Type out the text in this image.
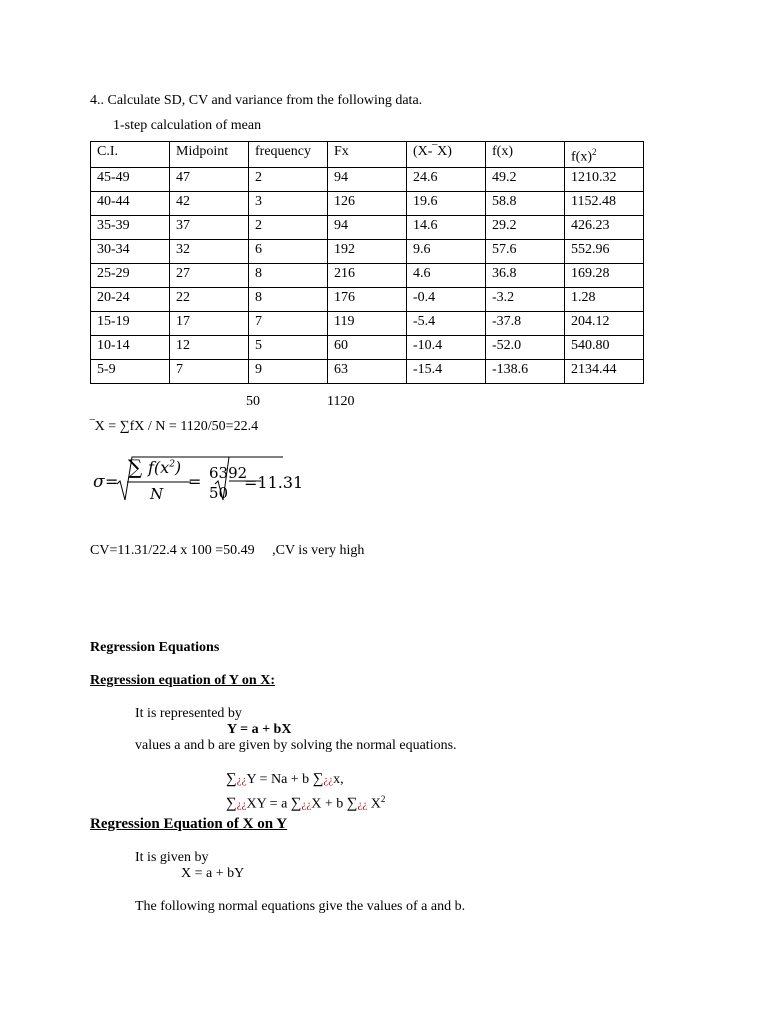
4.. Calculate SD, CV and variance from the following data.
1-step calculation of mean
C.I.	Midpoint	frequency	Fx	(X-‾X)	f(x)	$f(x)^2$
45-49	47	2	94	24.6	49.2	1210.32
40-44	42	3	126	19.6	58.8	1152.48
35-39	37	2	94	14.6	29.2	426.23
30-34	32	6	192	9.6	57.6	552.96
25-29	27	8	216	4.6	36.8	169.28
20-24	22	8	176	-0.4	-3.2	1.28
15-19	17	7	119	-5.4	-37.8	204.12
10-14	12	5	60	-10.4	-52.0	540.80
5-9	7	9	63	-15.4	-138.6	2134.44
50	1120
‾X = ∑fX / N = 1120/50=22.4
σ =
∑ $f(x^2)$
N
= 6392
50
=11.31
CV=11.31/22.4 x 100 =50.49     ,CV is very high
Regression Equations
Regression equation of Y on X:
It is represented by
Y = a + bX
values a and b are given by solving the normal equations.
∑¿¿Y = Na + b ∑¿¿x,
∑¿¿XY = a ∑¿¿X + b ∑¿¿ $X^2$
Regression Equation of X on Y
It is given by
X = a + bY
The following normal equations give the values of a and b.
